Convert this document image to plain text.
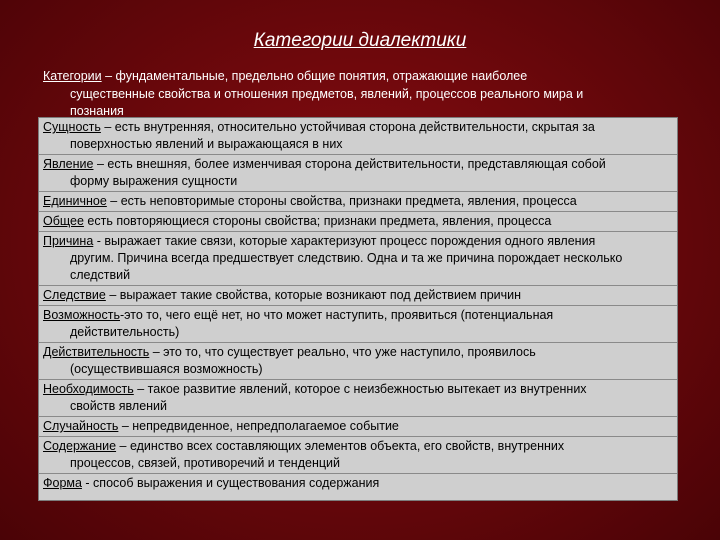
Категории диалектики
Категории – фундаментальные, предельно общие понятия, отражающие наиболее
существенные свойства и отношения предметов, явлений, процессов реального мира и
познания
Сущность – есть внутренняя, относительно устойчивая сторона действительности, скрытая за
поверхностью явлений и выражающаяся в них
Явление – есть внешняя, более изменчивая сторона действительности, представляющая собой
форму выражения сущности
Единичное – есть неповторимые стороны свойства, признаки предмета, явления, процесса
Общее есть повторяющиеся стороны свойства; признаки предмета, явления, процесса
Причина - выражает такие связи, которые характеризуют процесс порождения одного явления
другим. Причина всегда предшествует следствию. Одна и та же причина порождает несколько следствий
Следствие – выражает такие свойства, которые возникают под действием причин
Возможность-это то, чего ещё нет, но что может наступить, проявиться (потенциальная
действительность)
Действительность – это то, что существует реально, что уже наступило, проявилось
(осуществившаяся возможность)
Необходимость – такое развитие явлений, которое с неизбежностью вытекает из внутренних
свойств явлений
Случайность – непредвиденное, непредполагаемое событие
Содержание – единство всех составляющих элементов объекта, его свойств, внутренних
процессов, связей, противоречий и тенденций
Форма - способ выражения и существования содержания
